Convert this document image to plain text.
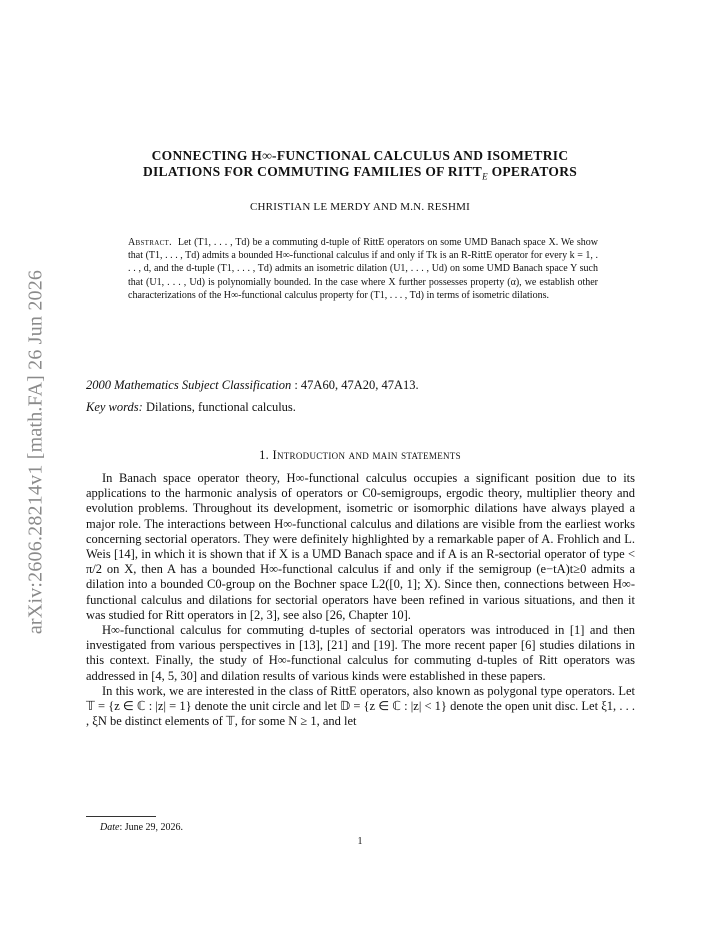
arXiv:2606.28214v1 [math.FA] 26 Jun 2026
CONNECTING H∞-FUNCTIONAL CALCULUS AND ISOMETRIC
DILATIONS FOR COMMUTING FAMILIES OF $RITT_E$ OPERATORS
CHRISTIAN LE MERDY AND M.N. RESHMI

Abstract. Let (T1, . . . , Td) be a commuting d-tuple of RittE operators on some UMD Banach space X. We show that (T1, . . . , Td) admits a bounded H∞-functional calculus if and only if Tk is an R-RittE operator for every k = 1, . . . , d, and the d-tuple (T1, . . . , Td) admits an isometric dilation (U1, . . . , Ud) on some UMD Banach space Y such that (U1, . . . , Ud) is polynomially bounded. In the case where X further possesses property (α), we establish other characterizations of the H∞-functional calculus property for (T1, . . . , Td) in terms of isometric dilations.

2000 Mathematics Subject Classification : 47A60, 47A20, 47A13.

Key words: Dilations, functional calculus.

1. Introduction and main statements

In Banach space operator theory, H∞-functional calculus occupies a significant position due to its applications to the harmonic analysis of operators or C0-semigroups, ergodic theory, multiplier theory and evolution problems. Throughout its development, isometric or isomorphic dilations have always played a major role. The interactions between H∞-functional calculus and dilations are visible from the earliest works concerning sectorial operators. They were definitely highlighted by a remarkable paper of A. Frohlich and L. Weis [14], in which it is shown that if X is a UMD Banach space and if A is an R-sectorial operator of type < π/2 on X, then A has a bounded H∞-functional calculus if and only if the semigroup (e−tA)t≥0 admits a dilation into a bounded C0-group on the Bochner space L2([0, 1]; X). Since then, connections between H∞-functional calculus and dilations for sectorial operators have been refined in various situations, and then it was studied for Ritt operators in [2, 3], see also [26, Chapter 10].

H∞-functional calculus for commuting d-tuples of sectorial operators was introduced in [1] and then investigated from various perspectives in [13], [21] and [19]. The more recent paper [6] studies dilations in this context. Finally, the study of H∞-functional calculus for commuting d-tuples of Ritt operators was addressed in [4, 5, 30] and dilation results of various kinds were established in these papers.

In this work, we are interested in the class of RittE operators, also known as polygonal type operators. Let 𝕋 = {z ∈ ℂ : |z| = 1} denote the unit circle and let 𝔻 = {z ∈ ℂ : |z| < 1} denote the open unit disc. Let ξ1, . . . , ξN be distinct elements of 𝕋, for some N ≥ 1, and let

Date: June 29, 2026.
1
